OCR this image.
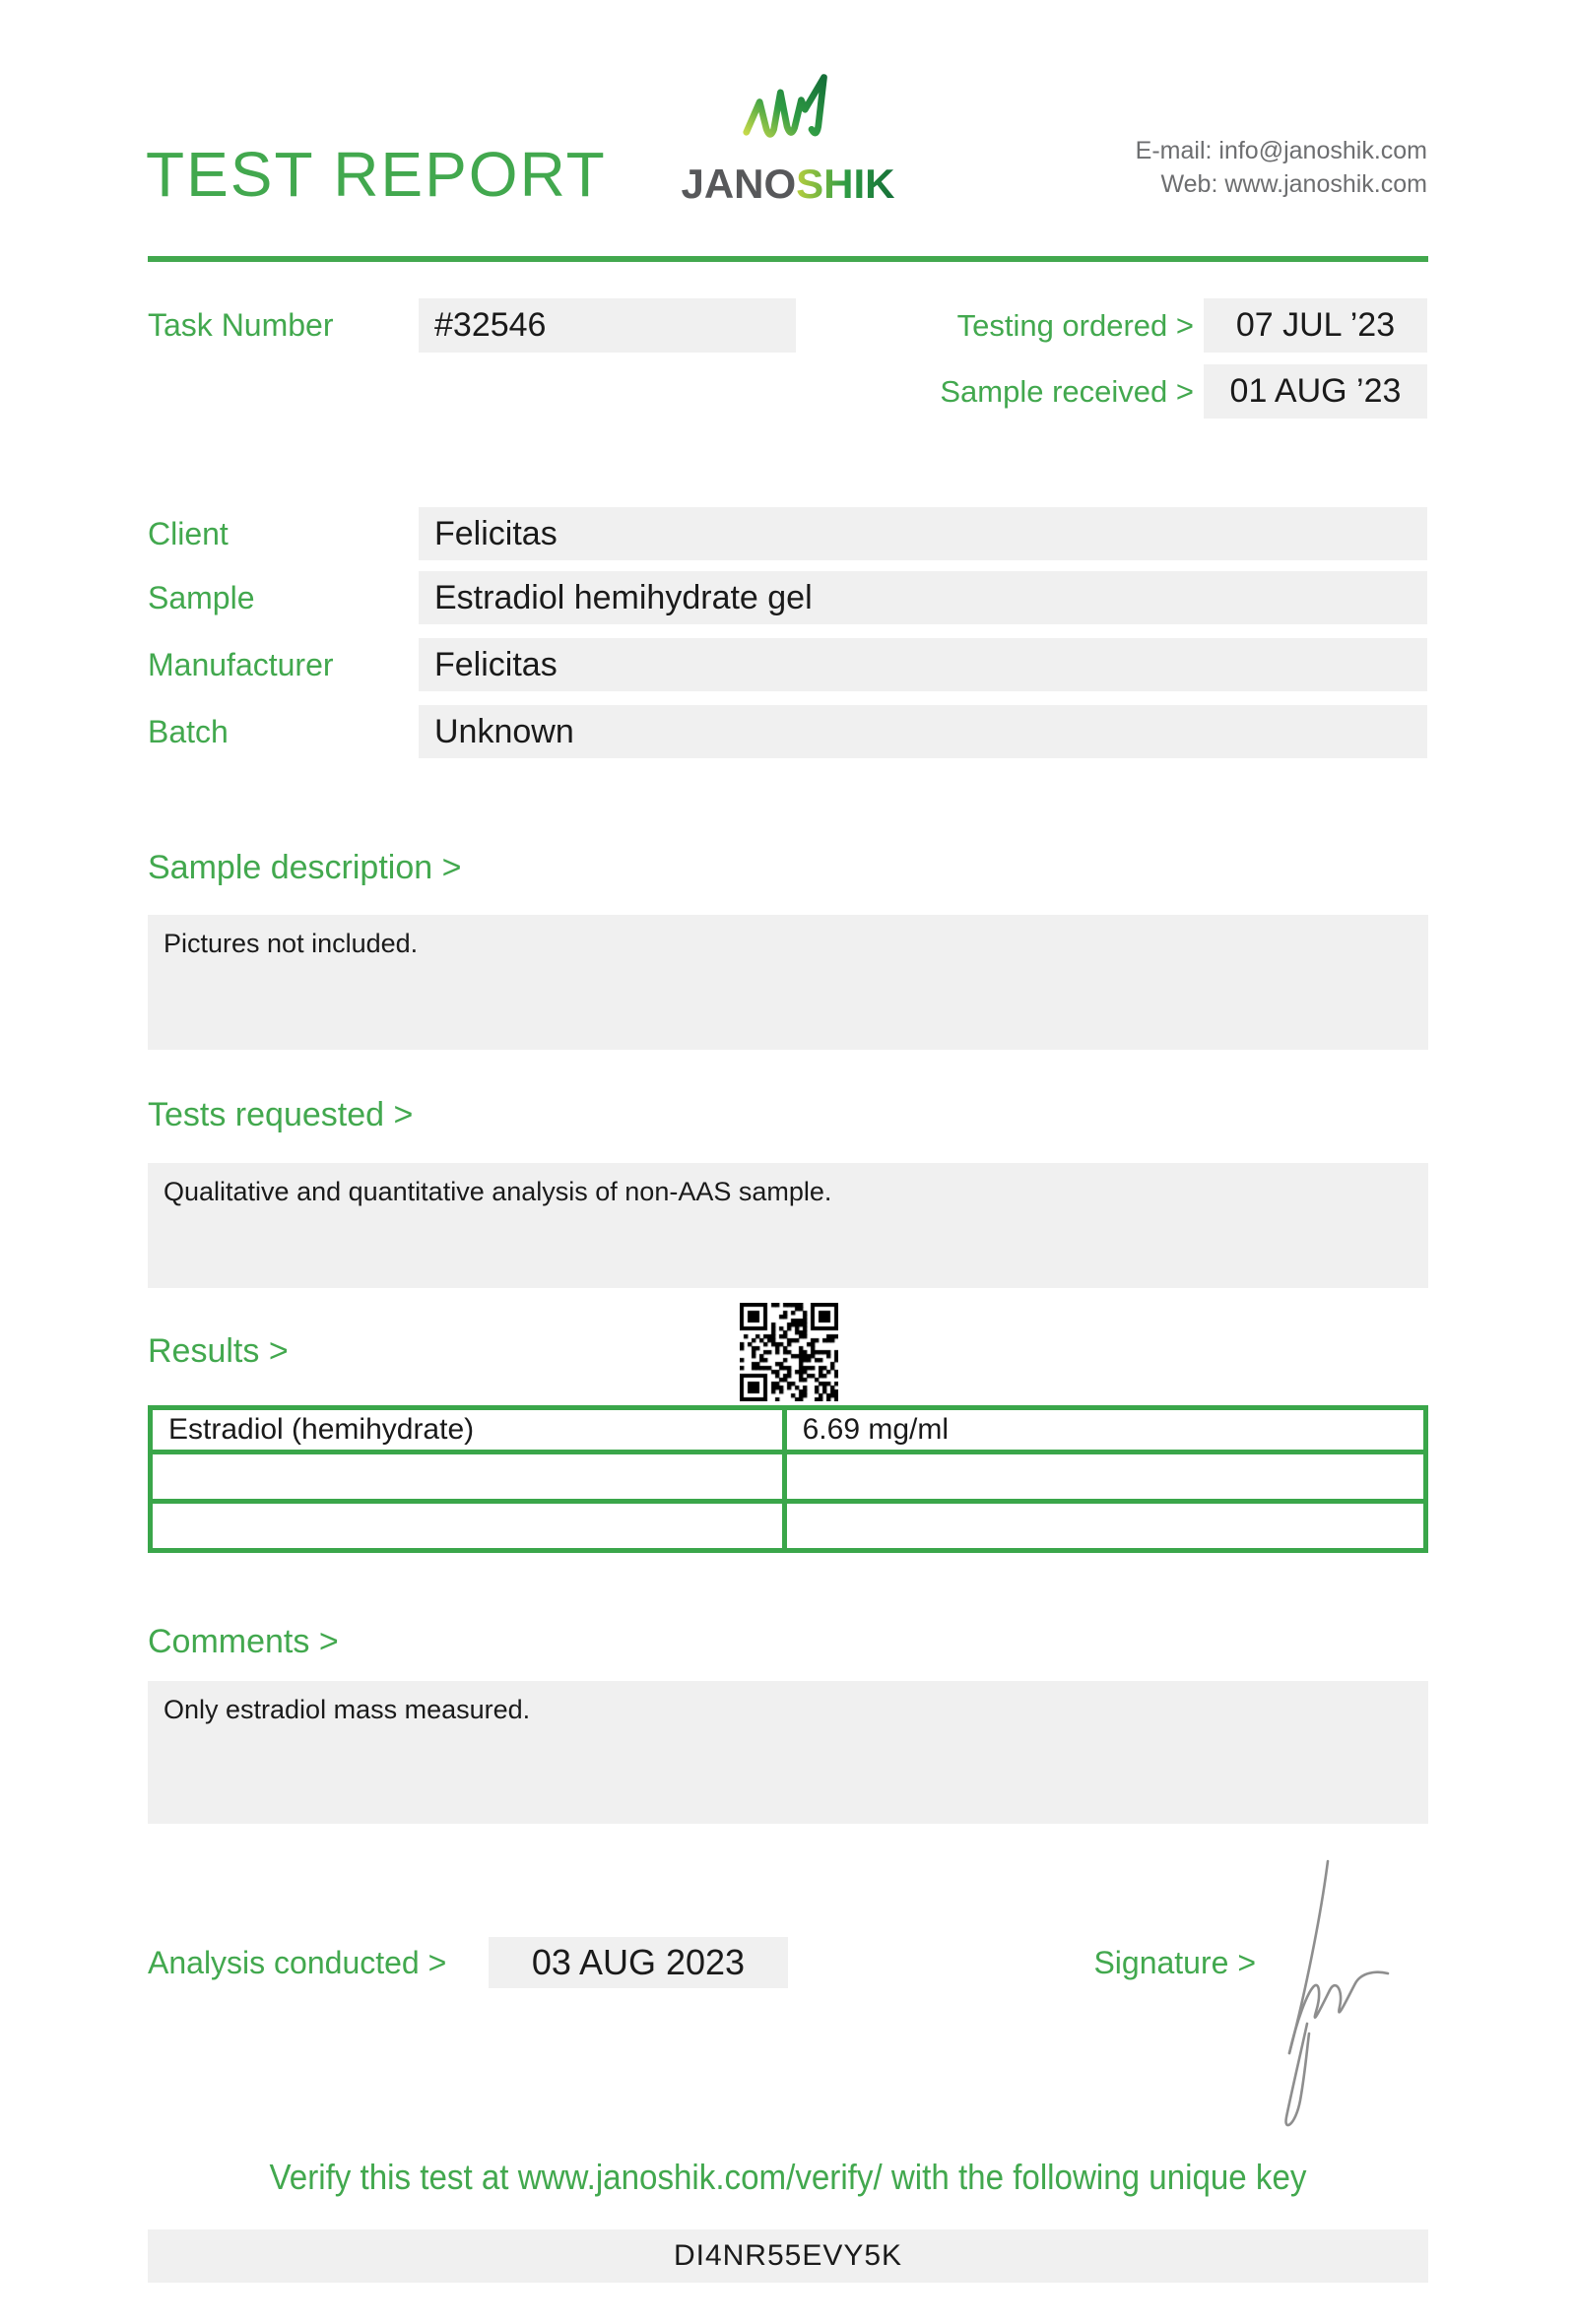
TEST REPORT JANOSHIK
E-mail: info@janoshik.com
Web: www.janoshik.com
Task Number	#32546	Testing ordered >	07 JUL ’23
Sample received >	01 AUG ’23
Client	Felicitas
Sample	Estradiol hemihydrate gel
Manufacturer	Felicitas
Batch	Unknown
Sample description >
Pictures not included.
Tests requested >
Qualitative and quantitative analysis of non-AAS sample.
Results >
Estradiol (hemihydrate)	6.69 mg/ml

Comments >
Only estradiol mass measured.
Analysis conducted >	03 AUG 2023	Signature >
Verify this test at www.janoshik.com/verify/ with the following unique key
DI4NR55EVY5K
